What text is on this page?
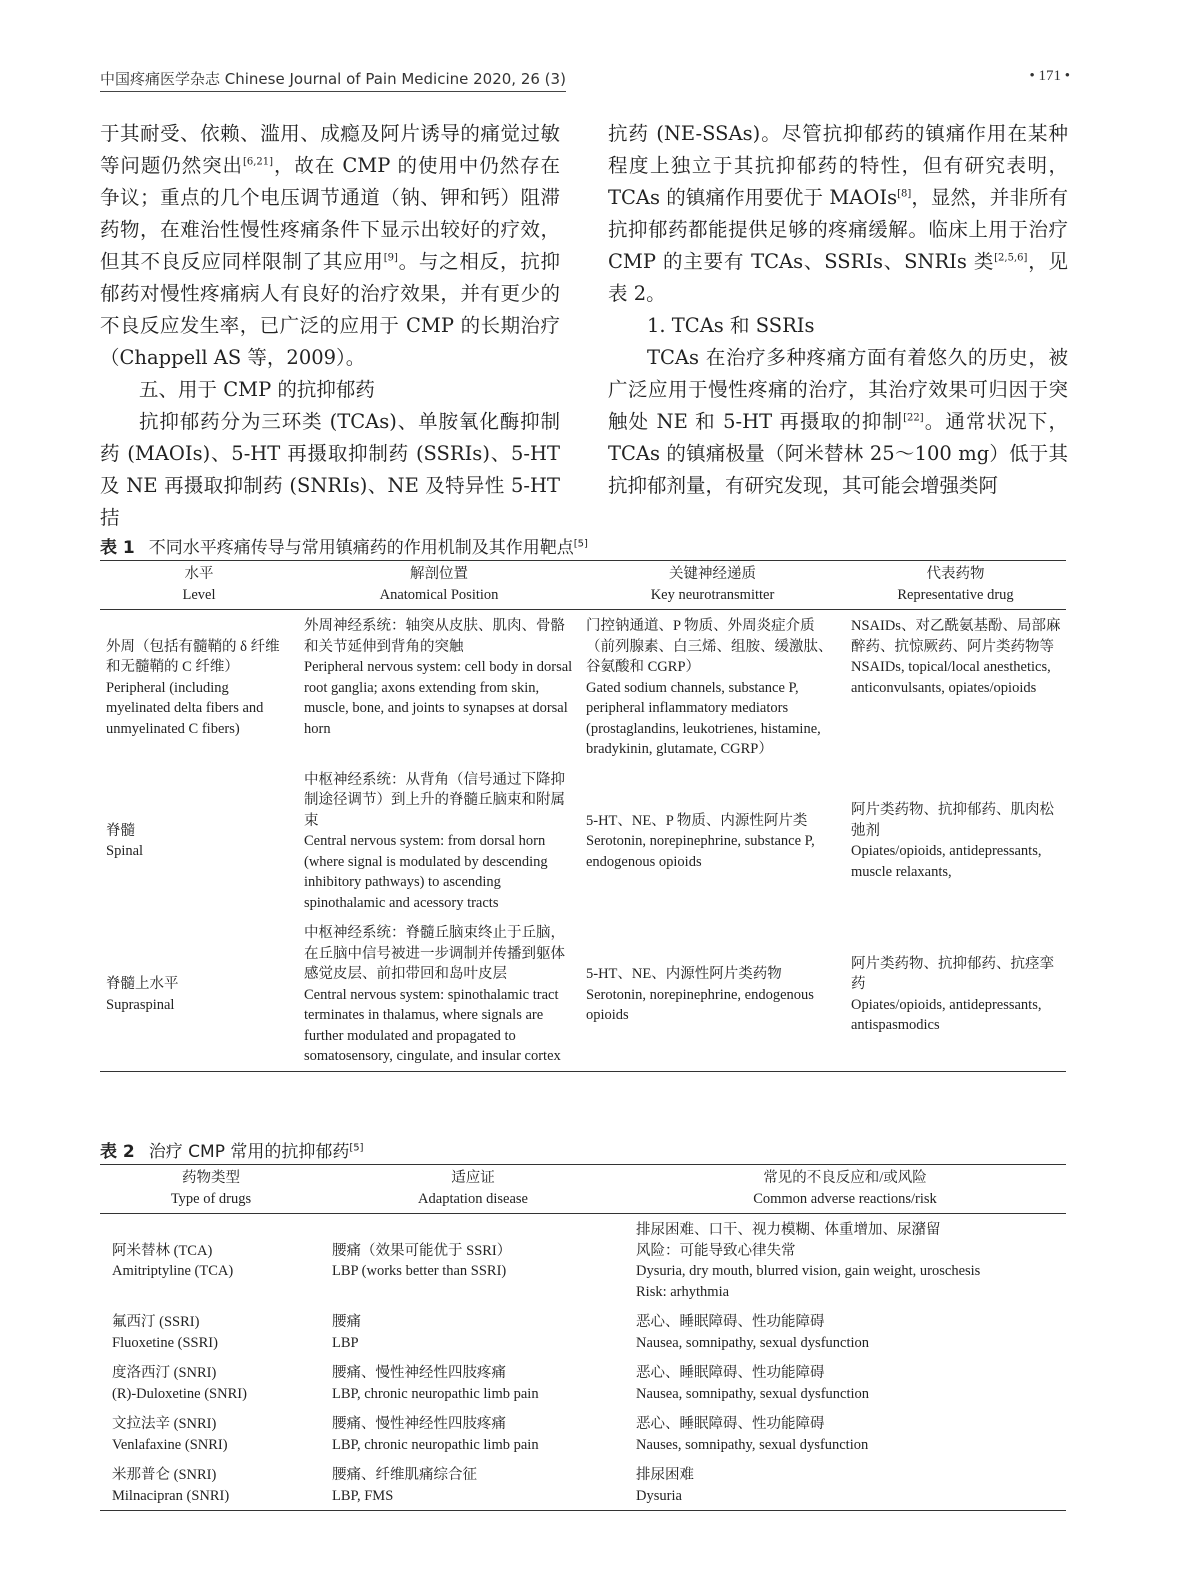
中国疼痛医学杂志 Chinese Journal of Pain Medicine 2020, 26 (3)	• 171 •

于其耐受、依赖、滥用、成瘾及阿片诱导的痛觉过敏等问题仍然突出[6,21]，故在 CMP 的使用中仍然存在争议；重点的几个电压调节通道（钠、钾和钙）阻滞药物，在难治性慢性疼痛条件下显示出较好的疗效，但其不良反应同样限制了其应用[9]。与之相反，抗抑郁药对慢性疼痛病人有良好的治疗效果，并有更少的不良反应发生率，已广泛的应用于 CMP 的长期治疗（Chappell AS 等，2009）。

五、用于 CMP 的抗抑郁药

抗抑郁药分为三环类 (TCAs)、单胺氧化酶抑制药 (MAOIs)、5-HT 再摄取抑制药 (SSRIs)、5-HT 及 NE 再摄取抑制药 (SNRIs)、NE 及特异性 5-HT 拮

抗药 (NE-SSAs)。尽管抗抑郁药的镇痛作用在某种程度上独立于其抗抑郁药的特性，但有研究表明，TCAs 的镇痛作用要优于 MAOIs[8]，显然，并非所有抗抑郁药都能提供足够的疼痛缓解。临床上用于治疗 CMP 的主要有 TCAs、SSRIs、SNRIs 类[2,5,6]，见表 2。

1. TCAs 和 SSRIs

TCAs 在治疗多种疼痛方面有着悠久的历史，被广泛应用于慢性疼痛的治疗，其治疗效果可归因于突触处 NE 和 5-HT 再摄取的抑制[22]。通常状况下，TCAs 的镇痛极量（阿米替林 25～100 mg）低于其抗抑郁剂量，有研究发现，其可能会增强类阿

表 1 不同水平疼痛传导与常用镇痛药的作用机制及其作用靶点[5]
水平
Level	解剖位置
Anatomical Position	关键神经递质
Key neurotransmitter	代表药物
Representative drug

外周（包括有髓鞘的 δ 纤维和无髓鞘的 C 纤维）
Peripheral (including myelinated delta fibers and unmyelinated C fibers)	外周神经系统：轴突从皮肤、肌肉、骨骼和关节延伸到背角的突触
Peripheral nervous system: cell body in dorsal root ganglia; axons extending from skin, muscle, bone, and joints to synapses at dorsal horn	门控钠通道、P 物质、外周炎症介质（前列腺素、白三烯、组胺、缓激肽、谷氨酸和 CGRP）
Gated sodium channels, substance P, peripheral inflammatory mediators (prostaglandins, leukotrienes, histamine, bradykinin, glutamate, CGRP）	NSAIDs、对乙酰氨基酚、局部麻醉药、抗惊厥药、阿片类药物等
NSAIDs, topical/local anesthetics, anticonvulsants, opiates/opioids

脊髓
Spinal	中枢神经系统：从背角（信号通过下降抑制途径调节）到上升的脊髓丘脑束和附属束
Central nervous system: from dorsal horn (where signal is modulated by descending inhibitory pathways) to ascending spinothalamic and acessory tracts	5-HT、NE、P 物质、内源性阿片类
Serotonin, norepinephrine, substance P, endogenous opioids	阿片类药物、抗抑郁药、肌肉松弛剂
Opiates/opioids, antidepressants, muscle relaxants,

脊髓上水平
Supraspinal	中枢神经系统：脊髓丘脑束终止于丘脑，在丘脑中信号被进一步调制并传播到躯体感觉皮层、前扣带回和岛叶皮层
Central nervous system: spinothalamic tract terminates in thalamus, where signals are further modulated and propagated to somatosensory, cingulate, and insular cortex	5-HT、NE、内源性阿片类药物
Serotonin, norepinephrine, endogenous opioids	阿片类药物、抗抑郁药、抗痉挛药
Opiates/opioids, antidepressants, antispasmodics
表 2 治疗 CMP 常用的抗抑郁药[5]
药物类型
Type of drugs	适应证
Adaptation disease	常见的不良反应和/或风险
Common adverse reactions/risk

阿米替林 (TCA)
Amitriptyline (TCA)	腰痛（效果可能优于 SSRI）
LBP (works better than SSRI)	排尿困难、口干、视力模糊、体重增加、尿潴留
风险：可能导致心律失常
Dysuria, dry mouth, blurred vision, gain weight, uroschesis
Risk: arhythmia

氟西汀 (SSRI)
Fluoxetine (SSRI)	腰痛
LBP	恶心、睡眠障碍、性功能障碍
Nausea, somnipathy, sexual dysfunction

度洛西汀 (SNRI)
(R)-Duloxetine (SNRI)	腰痛、慢性神经性四肢疼痛
LBP, chronic neuropathic limb pain	恶心、睡眠障碍、性功能障碍
Nausea, somnipathy, sexual dysfunction

文拉法辛 (SNRI)
Venlafaxine (SNRI)	腰痛、慢性神经性四肢疼痛
LBP, chronic neuropathic limb pain	恶心、睡眠障碍、性功能障碍
Nauses, somnipathy, sexual dysfunction

米那普仑 (SNRI)
Milnacipran (SNRI)	腰痛、纤维肌痛综合征
LBP, FMS	排尿困难
Dysuria
